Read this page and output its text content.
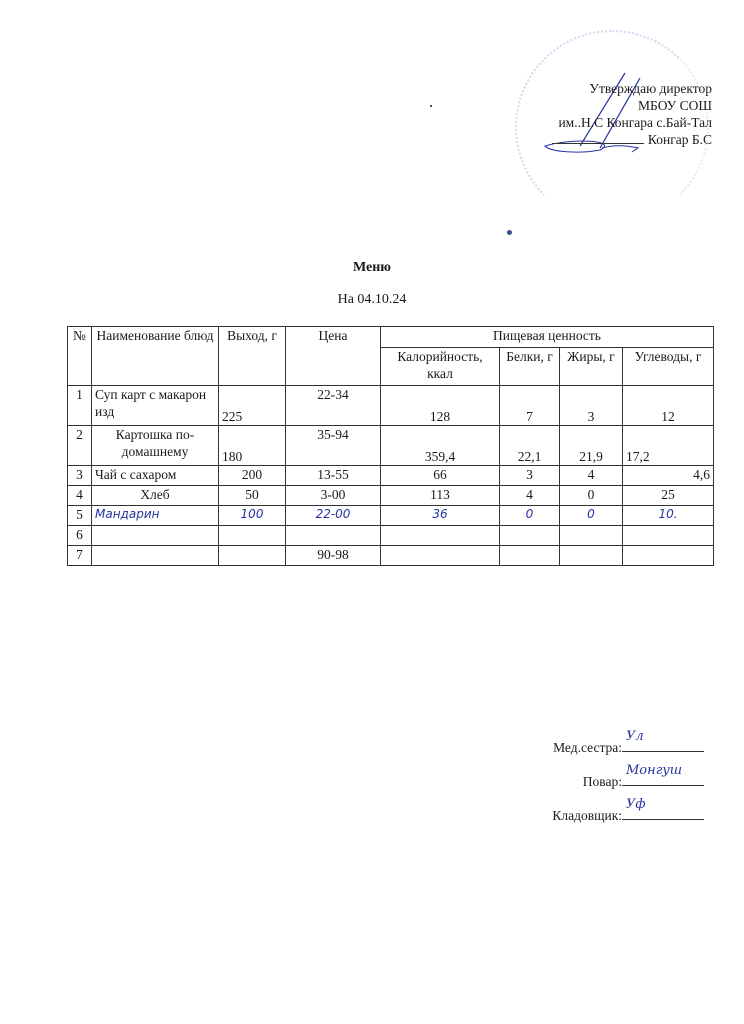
Утверждаю директор
МБОУ СОШ
им..Н.С Конгара с.Бай-Тал
Конгар Б.С
Меню
На 04.10.24
№	Наименование блюд	Выход, г	Цена	Пищевая ценность			
				Калорийность, ккал	Белки, г	Жиры, г	Углеводы, г
1	Суп карт с макарон изд	225	22-34	128	7	3	12
2	Картошка по-домашнему	180	35-94	359,4	22,1	21,9	17,2
3	Чай с сахаром	200	13-55	66	3	4	4,6
4	Хлеб	50	3-00	113	4	0	25
5	Мандарин	100	22-00	36	0	0	10.
6							
7			90-98				
Мед.сестра:
Ул
Повар:
Монгуш
Кладовщик:
Уф
